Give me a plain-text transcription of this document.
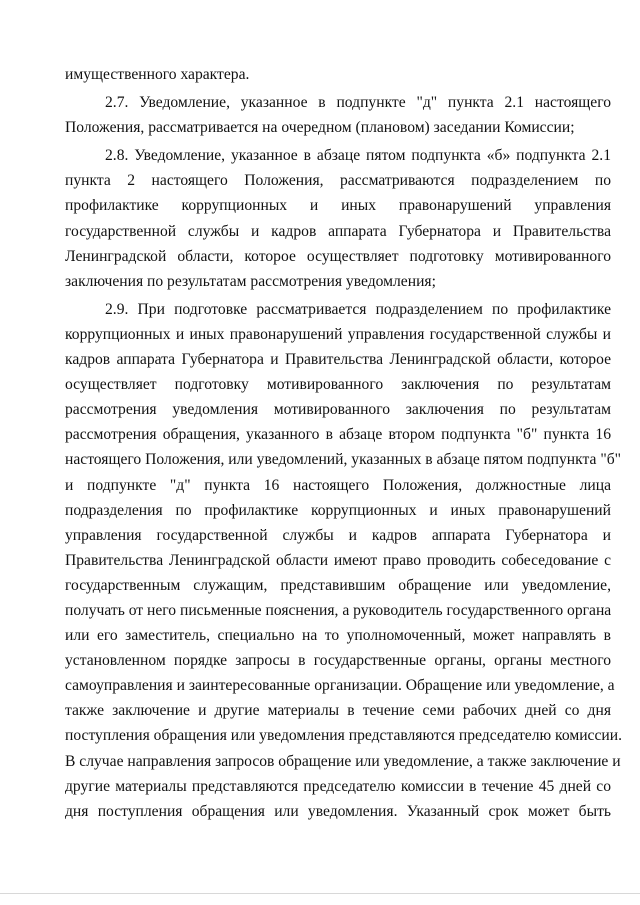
имущественного характера.
2.7. Уведомление, указанное в подпункте "д" пункта 2.1 настоящего
Положения, рассматривается на очередном (плановом) заседании Комиссии;
2.8. Уведомление, указанное в абзаце пятом подпункта «б» подпункта 2.1
пункта 2 настоящего Положения, рассматриваются подразделением по
профилактике коррупционных и иных правонарушений управления
государственной службы и кадров аппарата Губернатора и Правительства
Ленинградской области, которое осуществляет подготовку мотивированного
заключения по результатам рассмотрения уведомления;
2.9. При подготовке рассматривается подразделением по профилактике
коррупционных и иных правонарушений управления государственной службы и
кадров аппарата Губернатора и Правительства Ленинградской области, которое
осуществляет подготовку мотивированного заключения по результатам
рассмотрения уведомления мотивированного заключения по результатам
рассмотрения обращения, указанного в абзаце втором подпункта "б" пункта 16
настоящего Положения, или уведомлений, указанных в абзаце пятом подпункта "б"
и подпункте "д" пункта 16 настоящего Положения, должностные лица
подразделения по профилактике коррупционных и иных правонарушений
управления государственной службы и кадров аппарата Губернатора и
Правительства Ленинградской области имеют право проводить собеседование с
государственным служащим, представившим обращение или уведомление,
получать от него письменные пояснения, а руководитель государственного органа
или его заместитель, специально на то уполномоченный, может направлять в
установленном порядке запросы в государственные органы, органы местного
самоуправления и заинтересованные организации. Обращение или уведомление, а
также заключение и другие материалы в течение семи рабочих дней со дня
поступления обращения или уведомления представляются председателю комиссии.
В случае направления запросов обращение или уведомление, а также заключение и
другие материалы представляются председателю комиссии в течение 45 дней со
дня поступления обращения или уведомления. Указанный срок может быть
